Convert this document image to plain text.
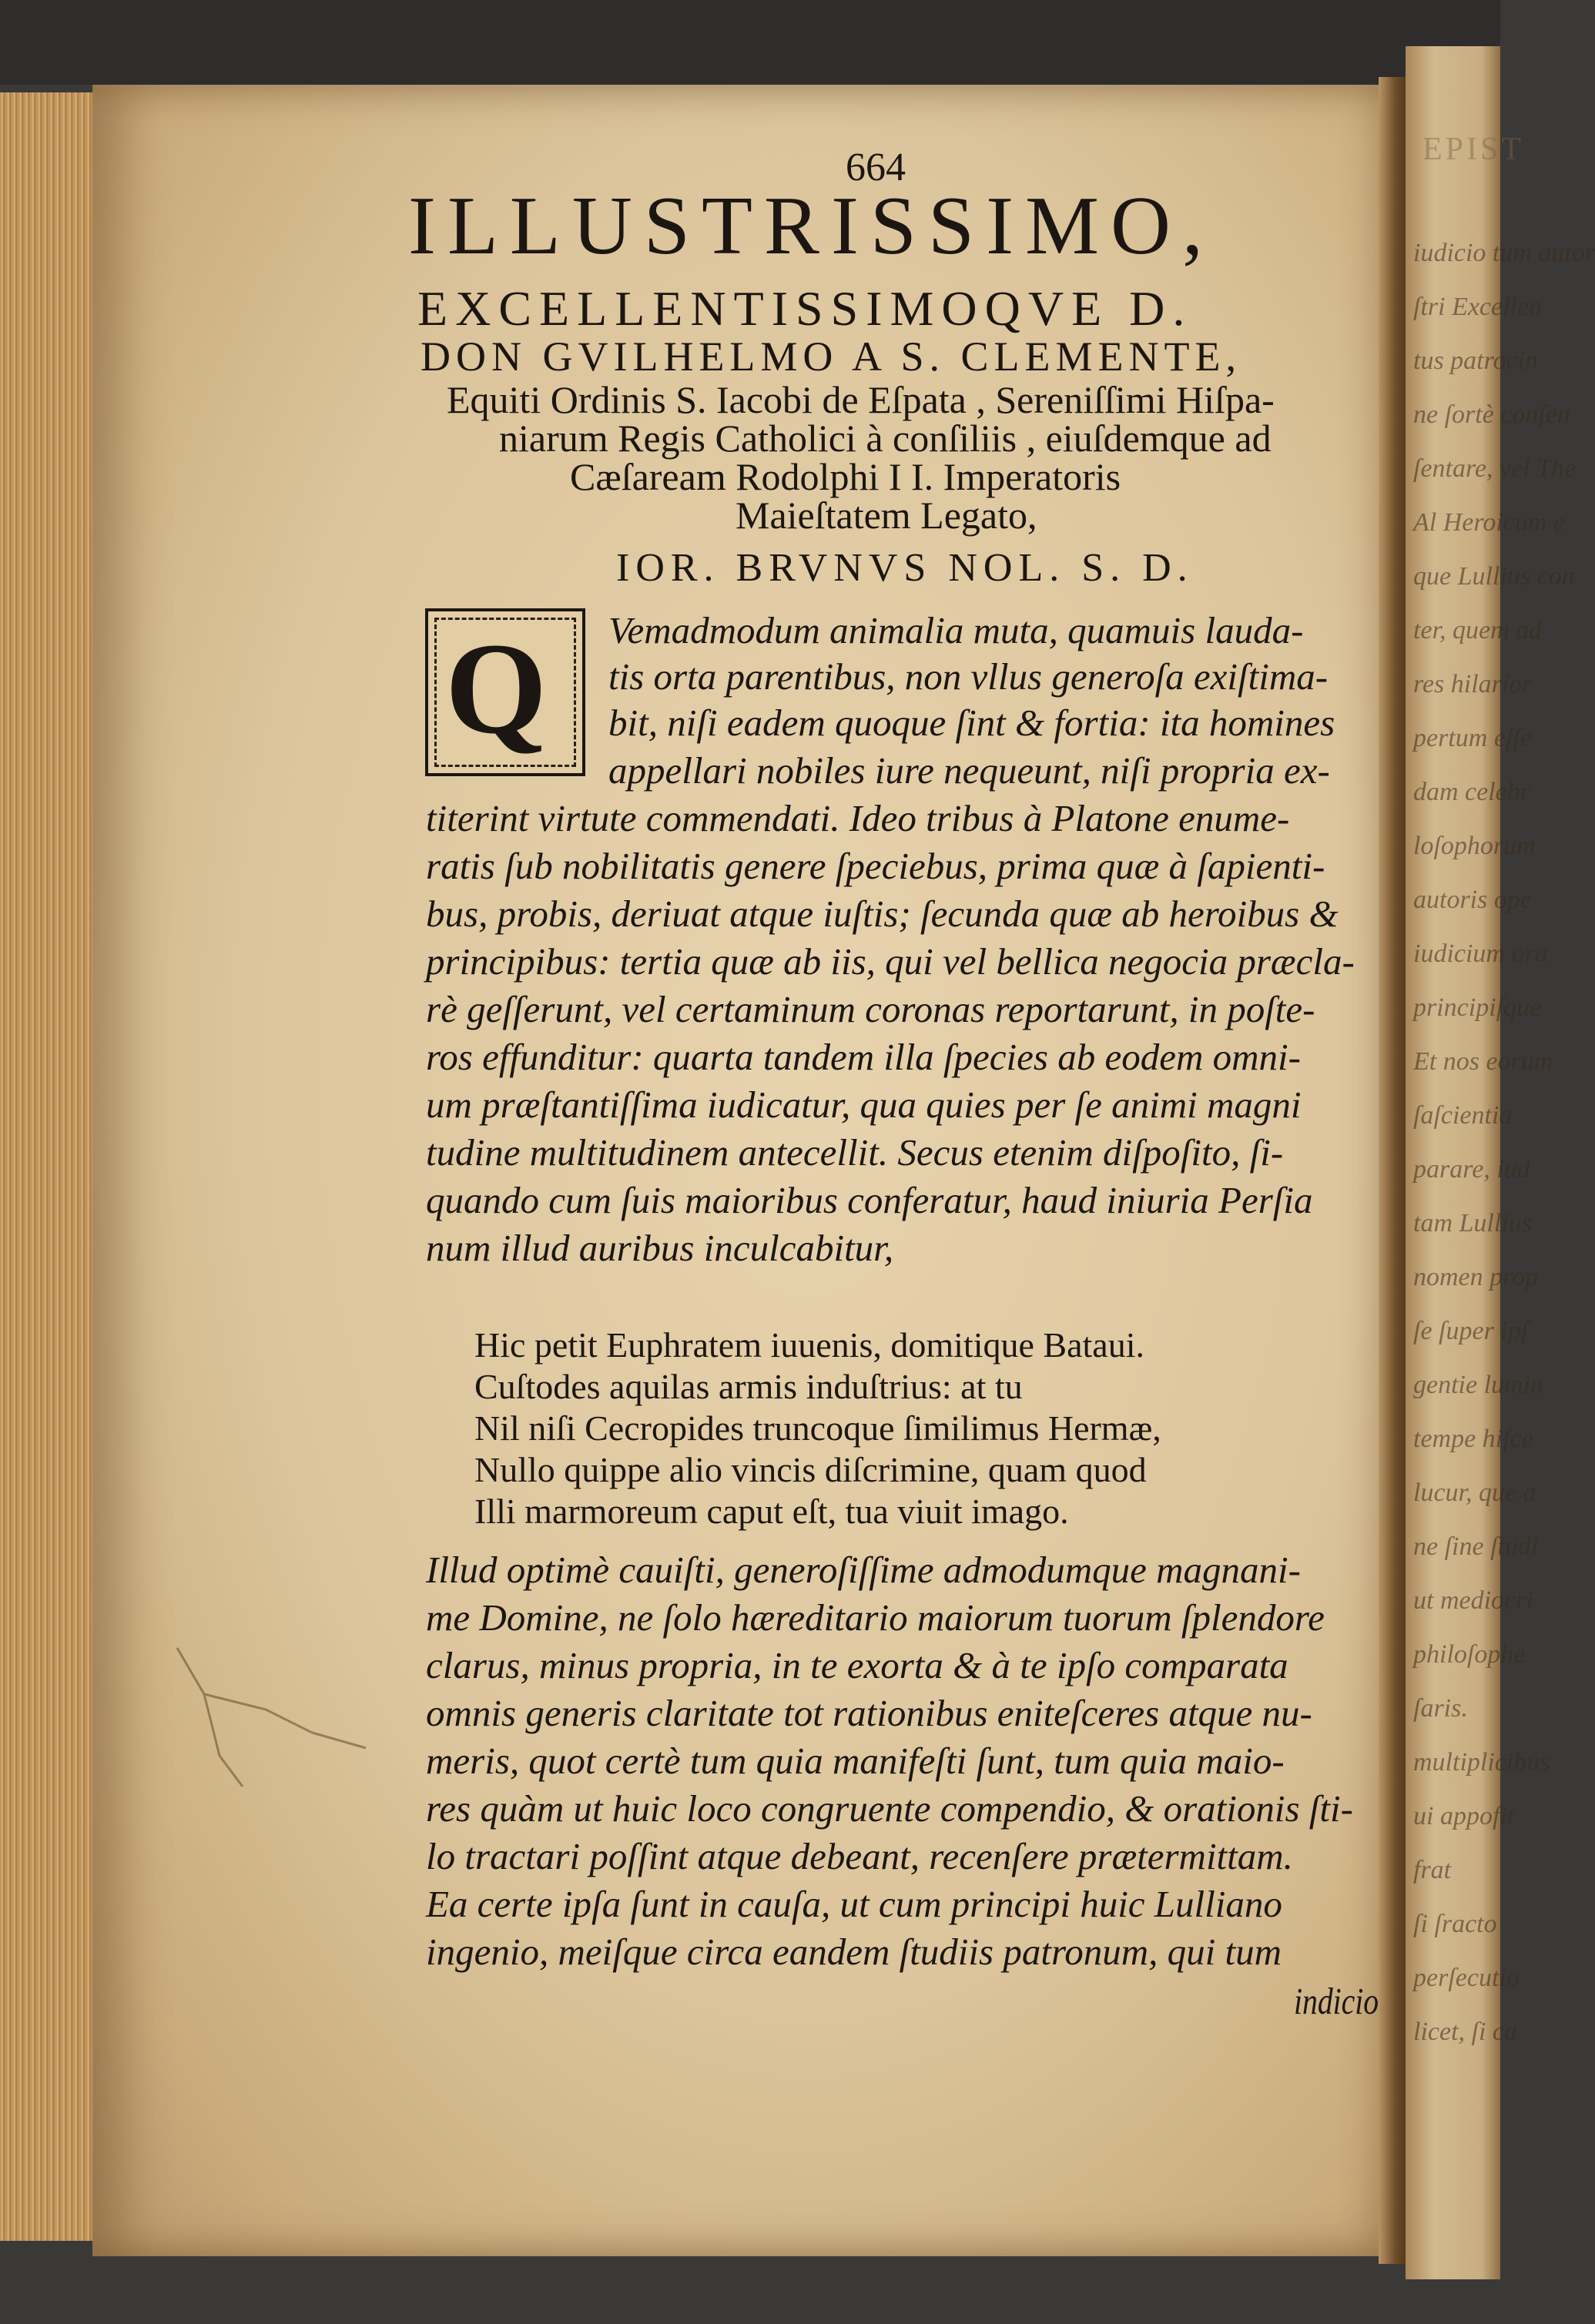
EPIST
iudicio tum autor
ſtri Excellen
tus patrocin
ne ſortè conſen
ſentare, vel The
Al Heroicum e
que Lullius con
ter, quem ad
res hilarior
pertum eſſe
dam celebr
loſophorum
autoris ope
iudicium ora
principiſque
Et nos eorum
ſaſcientia
parare, iud
tam Lullius
nomen prop
ſe ſuper ipſ
gentie lumin
tempe hiſce
lucur, que a
ne ſine ſtudi
ut mediocri
philoſophe
ſaris.
multiplicibus
ui appofit
frat
ſi ſracto
perſecutio
licet, ſi ca
664
ILLUSTRISSIMO,
EXCELLENTISSIMOQVE D.
DON GVILHELMO A S. CLEMENTE,
Equiti Ordinis S. Iacobi de Eſpata , Sereniſſimi Hiſpa-
niarum Regis Catholici à conſiliis , eiuſdemque ad
Cæſaream Rodolphi I I. Imperatoris
Maieſtatem Legato,
IOR. BRVNVS NOL. S. D.
Q Vemadmodum animalia muta, quamuis lauda-
tis orta parentibus, non vllus generoſa exiſtima-
bit, niſi eadem quoque ſint & fortia: ita homines
appellari nobiles iure nequeunt, niſi propria ex-
titerint virtute commendati. Ideo tribus à Platone enume-
ratis ſub nobilitatis genere ſpeciebus, prima quæ à ſapienti-
bus, probis, deriuat atque iuſtis; ſecunda quæ ab heroibus &
principibus: tertia quæ ab iis, qui vel bellica negocia præcla-
rè geſſerunt, vel certaminum coronas reportarunt, in poſte-
ros effunditur: quarta tandem illa ſpecies ab eodem omni-
um præſtantiſſima iudicatur, qua quies per ſe animi magni
tudine multitudinem antecellit. Secus etenim diſpoſito, ſi-
quando cum ſuis maioribus conferatur, haud iniuria Perſia
num illud auribus inculcabitur,
Hic petit Euphratem iuuenis, domitique Bataui.
Cuſtodes aquilas armis induſtrius: at tu
Nil niſi Cecropides truncoque ſimilimus Hermæ,
Nullo quippe alio vincis diſcrimine, quam quod
Illi marmoreum caput eſt, tua viuit imago.
Illud optimè cauiſti, generoſiſſime admodumque magnani-
me Domine, ne ſolo hæreditario maiorum tuorum ſplendore
clarus, minus propria, in te exorta & à te ipſo comparata
omnis generis claritate tot rationibus eniteſceres atque nu-
meris, quot certè tum quia manifeſti ſunt, tum quia maio-
res quàm ut huic loco congruente compendio, & orationis ſti-
lo tractari poſſint atque debeant, recenſere prætermittam.
Ea certe ipſa ſunt in cauſa, ut cum principi huic Lulliano
ingenio, meiſque circa eandem ſtudiis patronum, qui tum
indicio
